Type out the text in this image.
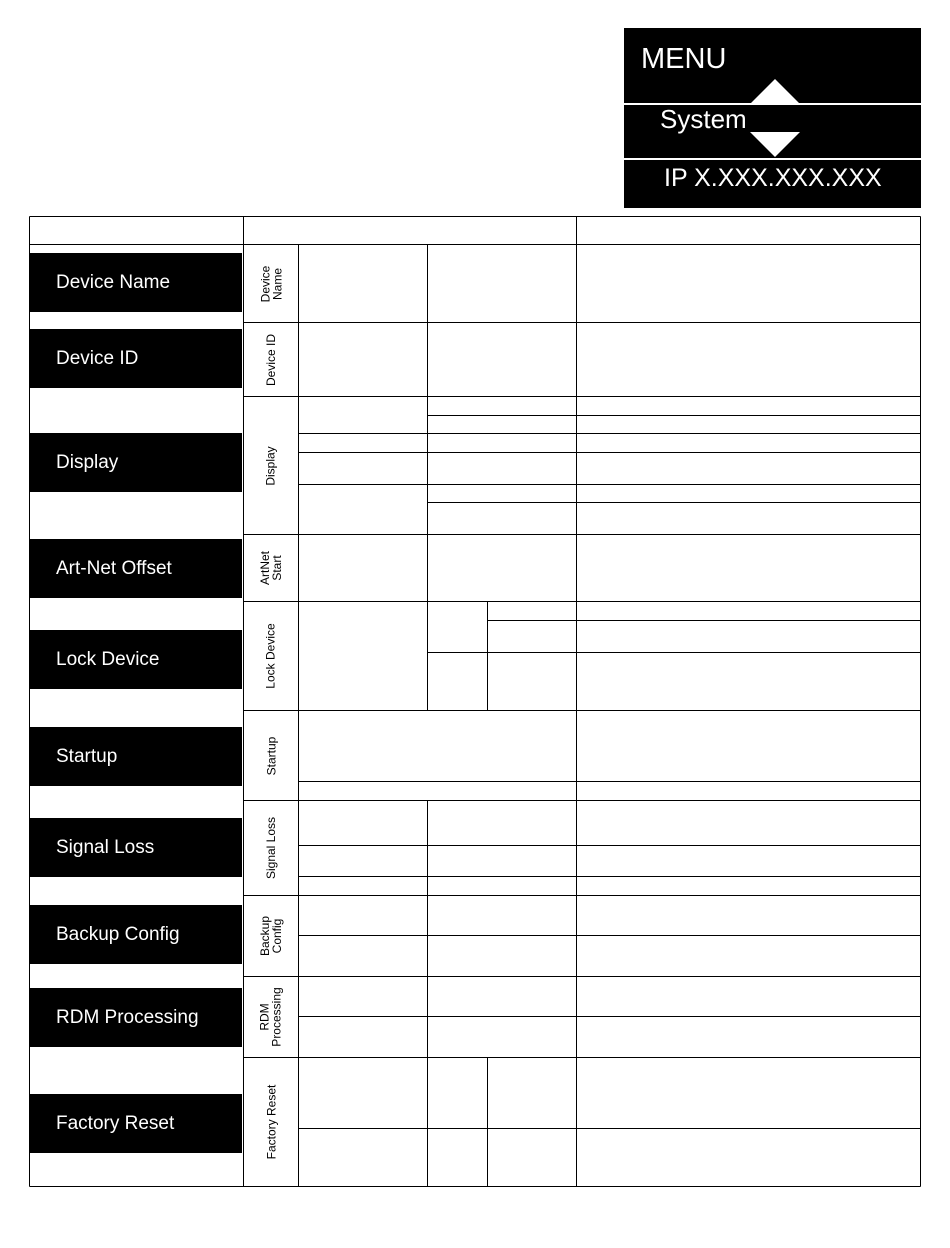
MENU
System
IP X.XXX.XXX.XXX
Device Name
Device ID
Display
Art-Net Offset
Lock Device
Startup
Signal Loss
Backup Config
RDM Processing
Factory Reset
Device
Name
Device ID
Display
ArtNet
Start
Lock Device
Startup
Signal Loss
Backup
Config
RDM
Processing
Factory Reset
